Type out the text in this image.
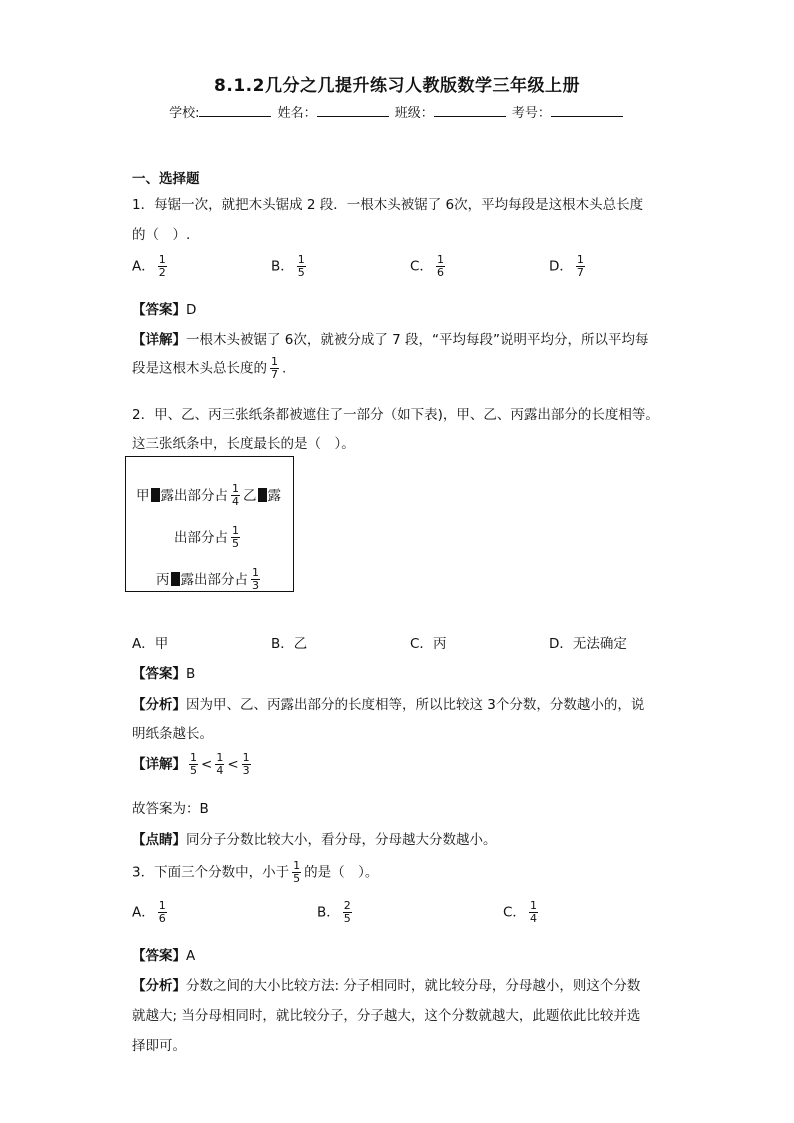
8.1.2几分之几提升练习人教版数学三年级上册
学校:	姓名：	班级：	考号：
一、选择题
1．每锯一次，就把木头锯成 2 段．一根木头被锯了 6次，平均每段是这根木头总长度
的（　）.
A． $\frac{1}{2}$	B． $\frac{1}{5}$	C． $\frac{1}{6}$	D． $\frac{1}{7}$
【答案】D
【详解】一根木头被锯了 6次，就被分成了 7 段，“平均每段”说明平均分，所以平均每
段是这根木头总长度的 $\frac{1}{7}$ .
2．甲、乙、丙三张纸条都被遮住了一部分（如下表)，甲、乙、丙露出部分的长度相等。
这三张纸条中，长度最长的是（　）。
甲 露出部分占 $\frac{1}{4}$ 乙 露
出部分占 $\frac{1}{5}$
丙 露出部分占 $\frac{1}{3}$
A．甲	B．乙	C．丙	D．无法确定
【答案】B
【分析】因为甲、乙、丙露出部分的长度相等，所以比较这 3个分数，分数越小的，说
明纸条越长。
【详解】 $\frac{1}{5} < \frac{1}{4} < \frac{1}{3}$
故答案为：B
【点睛】同分子分数比较大小，看分母，分母越大分数越小。
3．下面三个分数中，小于 $\frac{1}{5}$ 的是（　）。
A． $\frac{1}{6}$	B． $\frac{2}{5}$	C． $\frac{1}{4}$
【答案】A
【分析】分数之间的大小比较方法: 分子相同时，就比较分母，分母越小，则这个分数
就越大; 当分母相同时，就比较分子，分子越大，这个分数就越大，此题依此比较并选
择即可。
